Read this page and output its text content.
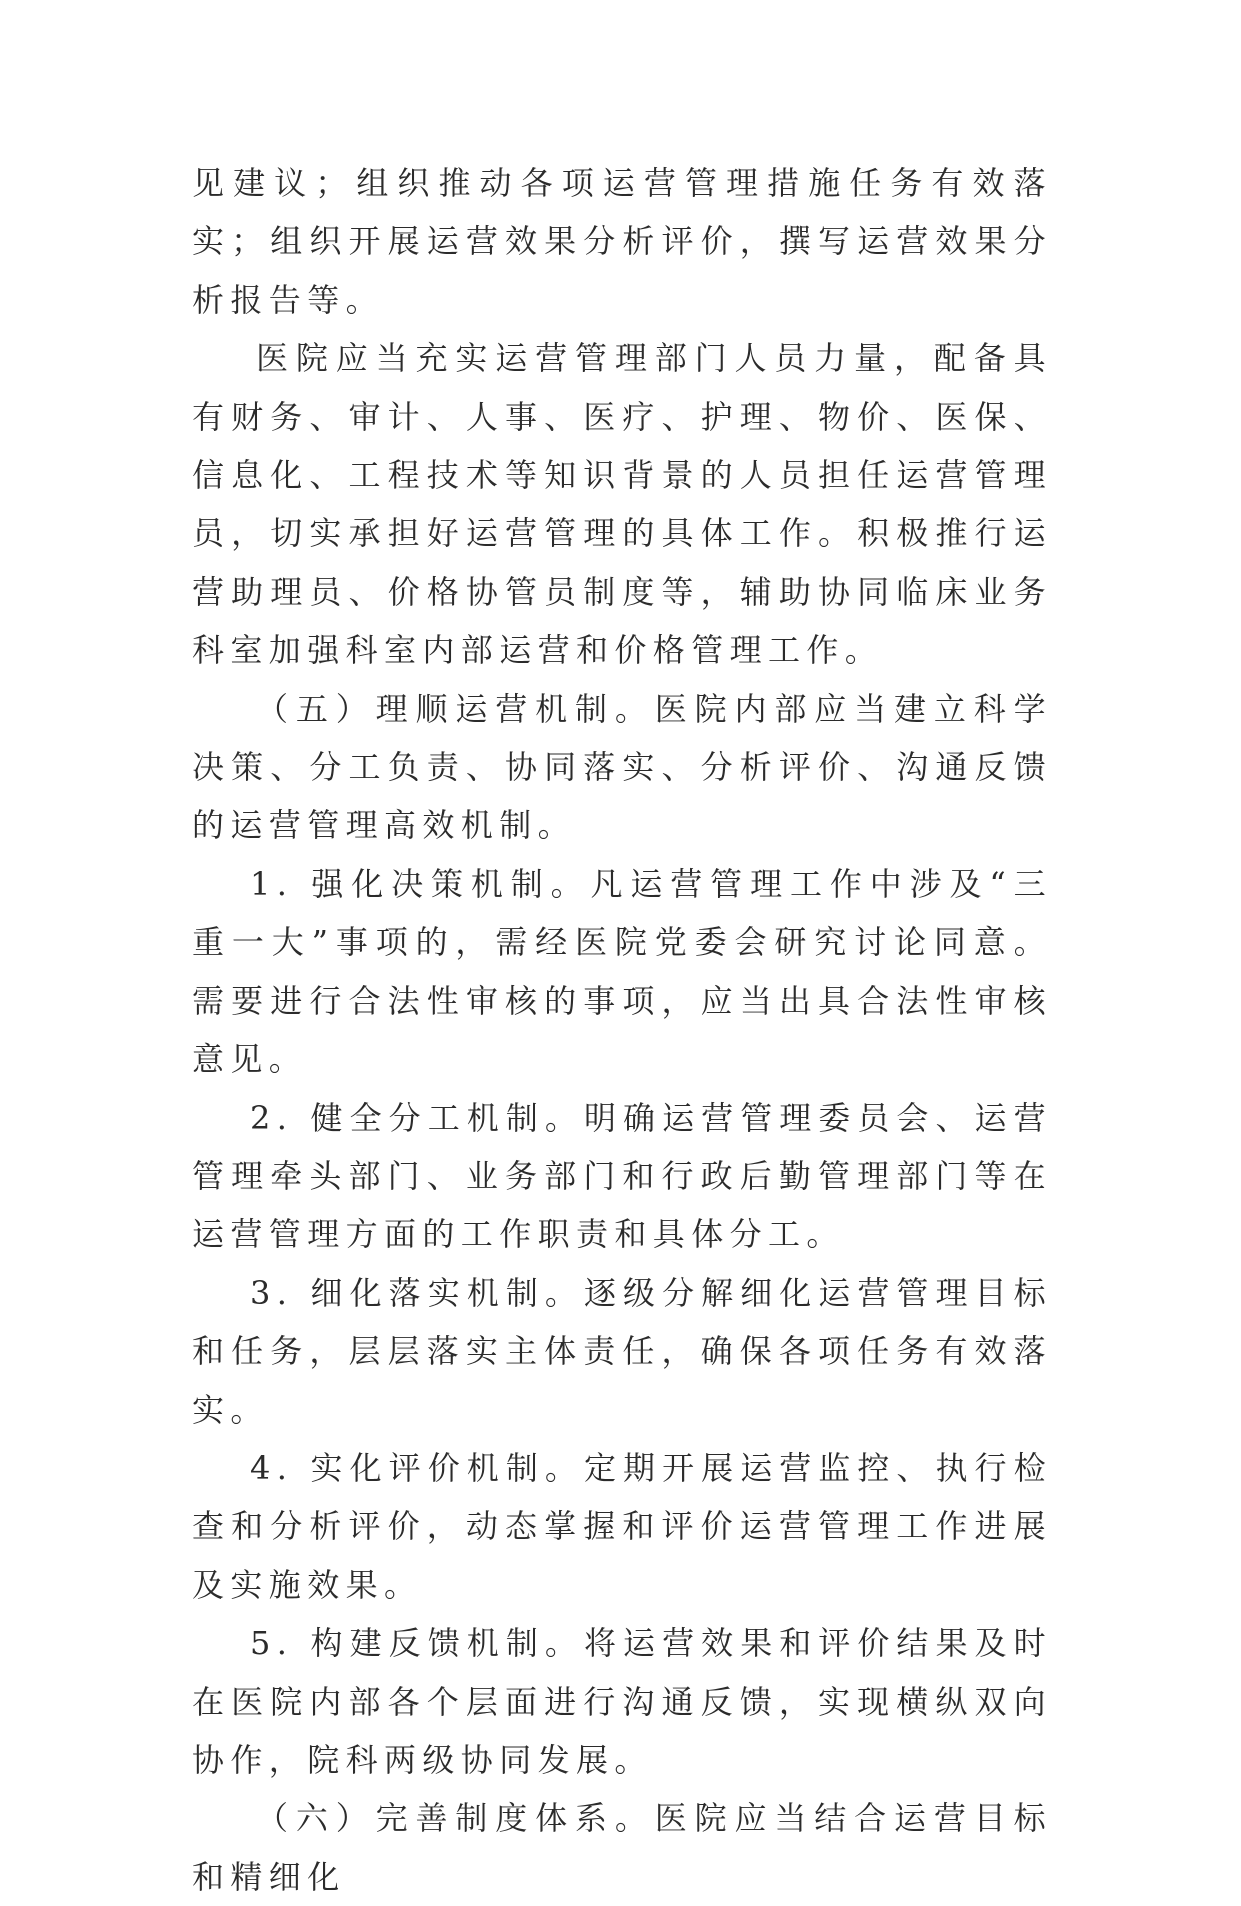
见建议；组织推动各项运营管理措施任务有效落实；组织开展运营效果分析评价，撰写运营效果分析报告等。

医院应当充实运营管理部门人员力量，配备具有财务、审计、人事、医疗、护理、物价、医保、信息化、工程技术等知识背景的人员担任运营管理员，切实承担好运营管理的具体工作。积极推行运营助理员、价格协管员制度等，辅助协同临床业务科室加强科室内部运营和价格管理工作。

（五）理顺运营机制。医院内部应当建立科学决策、分工负责、协同落实、分析评价、沟通反馈的运营管理高效机制。

1. 强化决策机制。凡运营管理工作中涉及“三重一大”事项的，需经医院党委会研究讨论同意。需要进行合法性审核的事项，应当出具合法性审核意见。

2. 健全分工机制。明确运营管理委员会、运营管理牵头部门、业务部门和行政后勤管理部门等在运营管理方面的工作职责和具体分工。

3. 细化落实机制。逐级分解细化运营管理目标和任务，层层落实主体责任，确保各项任务有效落实。

4. 实化评价机制。定期开展运营监控、执行检查和分析评价，动态掌握和评价运营管理工作进展及实施效果。

5. 构建反馈机制。将运营效果和评价结果及时在医院内部各个层面进行沟通反馈，实现横纵双向协作，院科两级协同发展。

（六）完善制度体系。医院应当结合运营目标和精细化
